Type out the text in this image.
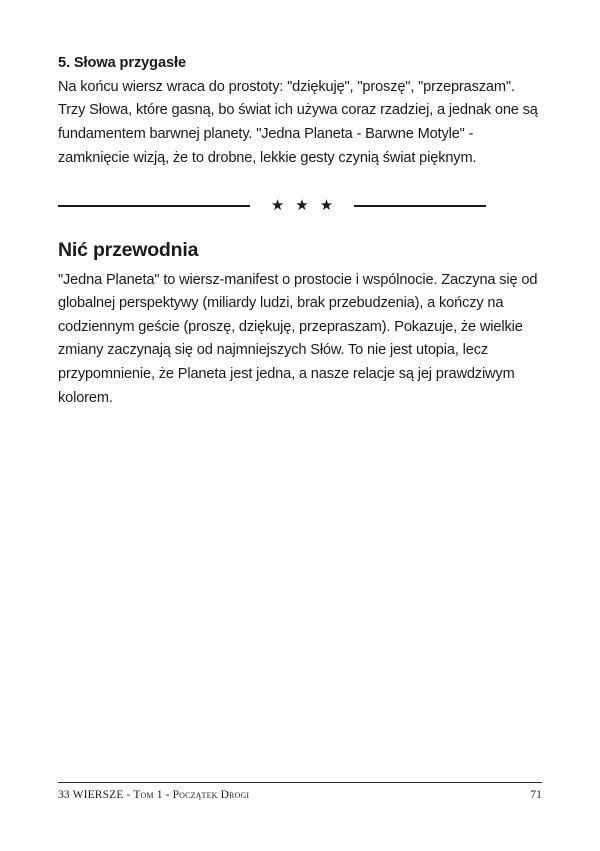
5. Słowa przygasłe

Na końcu wiersz wraca do prostoty: "dziękuję", "proszę", "przepraszam". Trzy Słowa, które gasną, bo świat ich używa coraz rzadziej, a jednak one są fundamentem barwnej planety. "Jedna Planeta - Barwne Motyle" - zamknięcie wizją, że to drobne, lekkie gesty czynią świat pięknym.

★★★
Nić przewodnia

"Jedna Planeta" to wiersz-manifest o prostocie i wspólnocie. Zaczyna się od globalnej perspektywy (miliardy ludzi, brak przebudzenia), a kończy na codziennym geście (proszę, dziękuję, przepraszam). Pokazuje, że wielkie zmiany zaczynają się od najmniejszych Słów. To nie jest utopia, lecz przypomnienie, że Planeta jest jedna, a nasze relacje są jej prawdziwym kolorem.

33 WIERSZE - Tom 1 - Początek Drogi	71
